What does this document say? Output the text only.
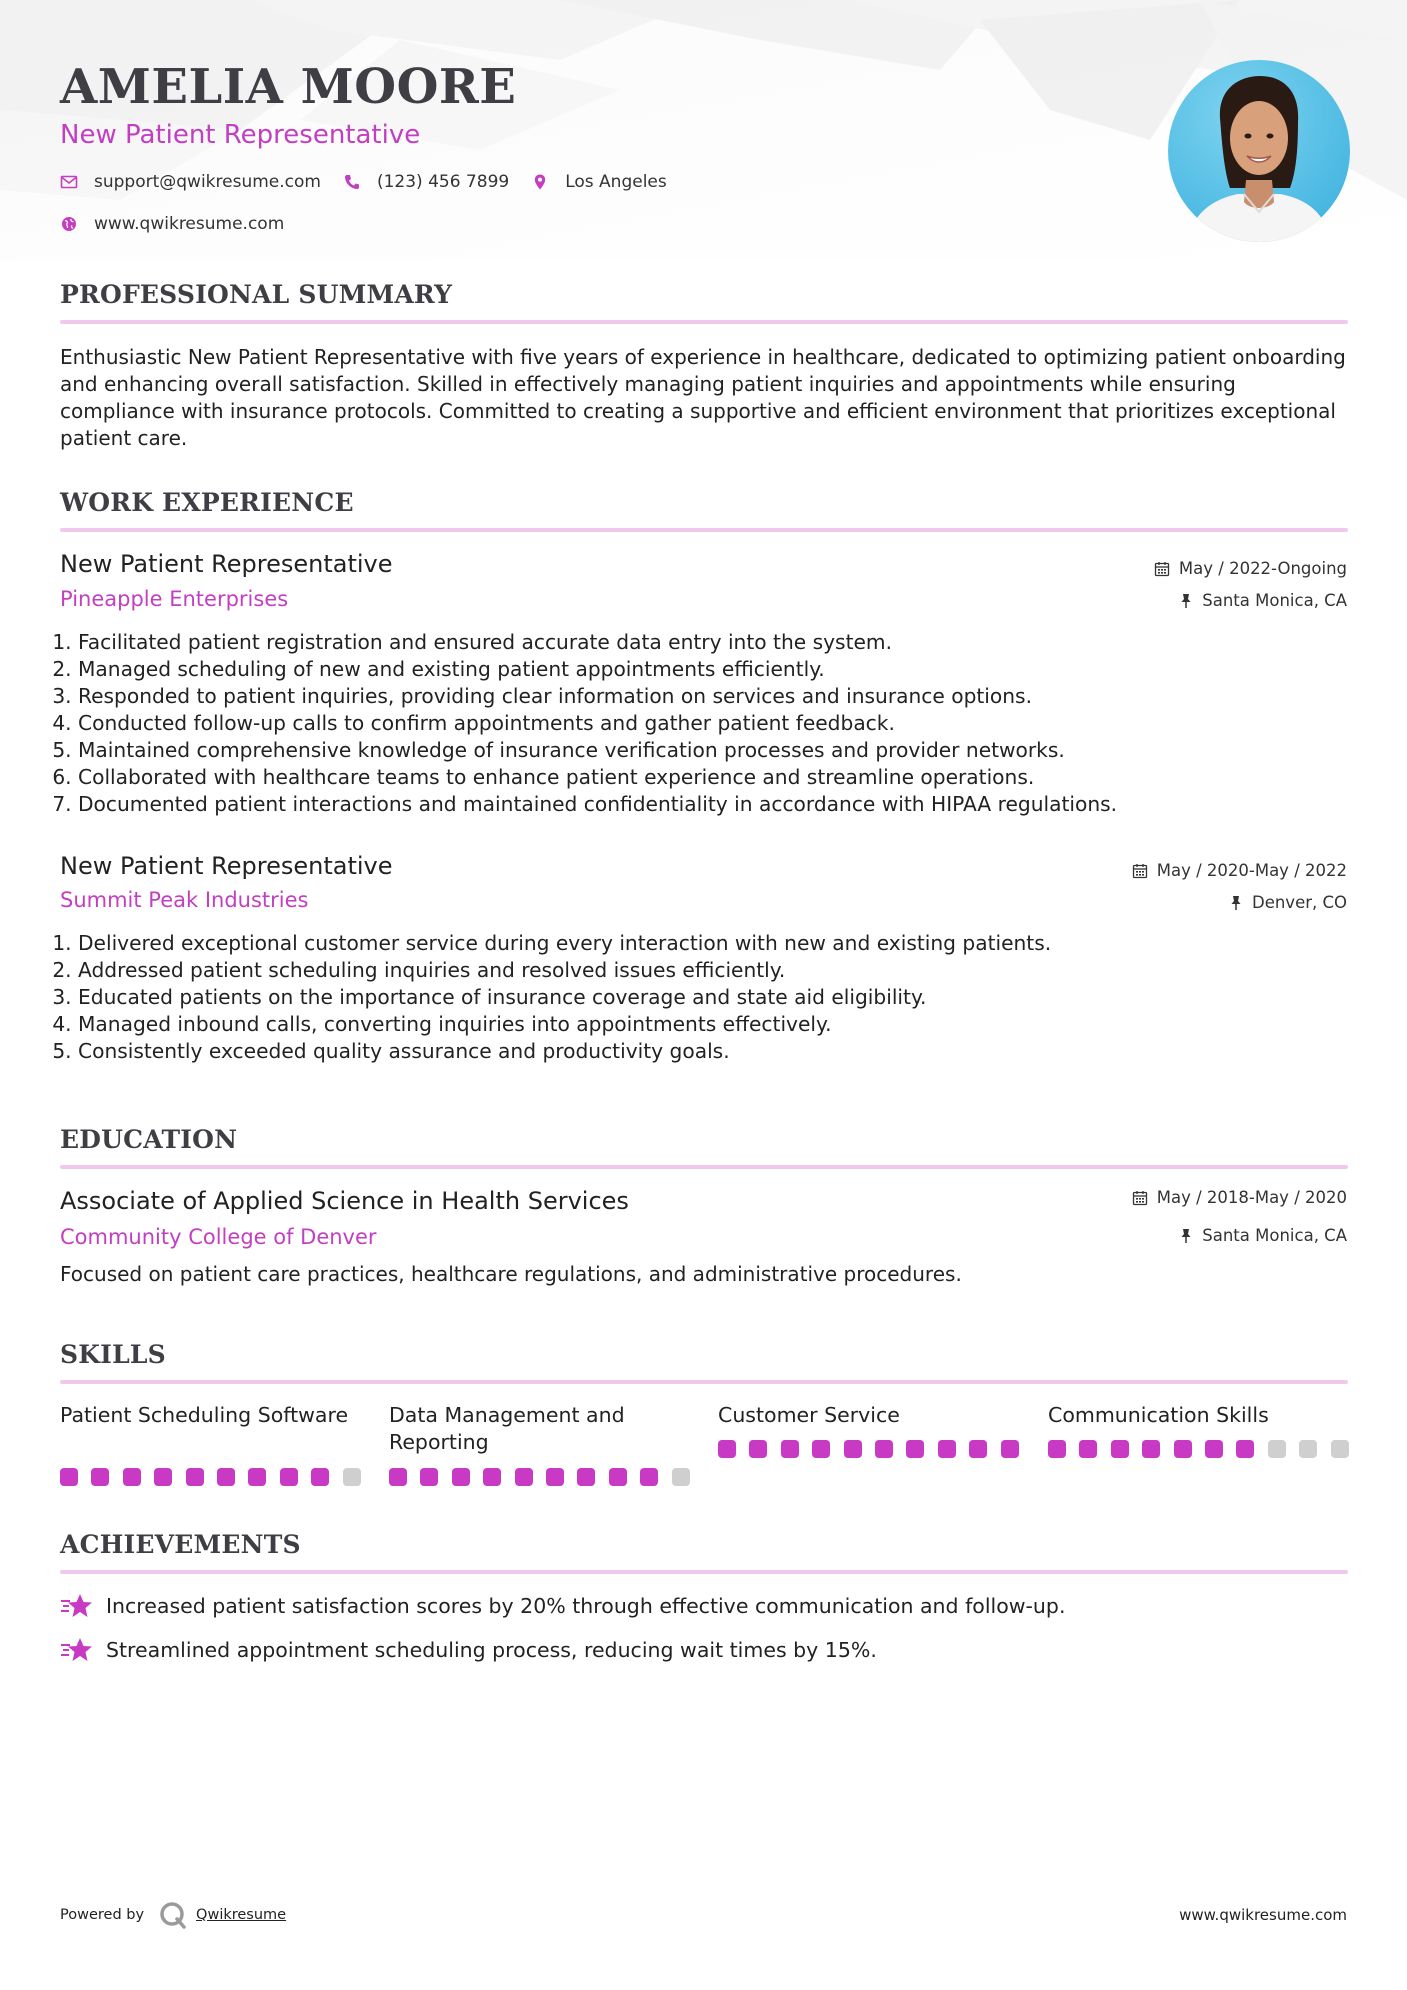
AMELIA MOORE
New Patient Representative
support@qwikresume.com	(123) 456 7899	Los Angeles
www.qwikresume.com
PROFESSIONAL SUMMARY

Enthusiastic New Patient Representative with five years of experience in healthcare, dedicated to optimizing patient onboarding and enhancing overall satisfaction. Skilled in effectively managing patient inquiries and appointments while ensuring compliance with insurance protocols. Committed to creating a supportive and efficient environment that prioritizes exceptional patient care.

WORK EXPERIENCE
New Patient Representative
Pineapple Enterprises
May / 2022-Ongoing
Santa Monica, CA
1. Facilitated patient registration and ensured accurate data entry into the system.
2. Managed scheduling of new and existing patient appointments efficiently.
3. Responded to patient inquiries, providing clear information on services and insurance options.
4. Conducted follow-up calls to confirm appointments and gather patient feedback.
5. Maintained comprehensive knowledge of insurance verification processes and provider networks.
6. Collaborated with healthcare teams to enhance patient experience and streamline operations.
7. Documented patient interactions and maintained confidentiality in accordance with HIPAA regulations.
New Patient Representative
Summit Peak Industries
May / 2020-May / 2022
Denver, CO
1. Delivered exceptional customer service during every interaction with new and existing patients.
2. Addressed patient scheduling inquiries and resolved issues efficiently.
3. Educated patients on the importance of insurance coverage and state aid eligibility.
4. Managed inbound calls, converting inquiries into appointments effectively.
5. Consistently exceeded quality assurance and productivity goals.
EDUCATION
Associate of Applied Science in Health Services
Community College of Denver
May / 2018-May / 2020
Santa Monica, CA

Focused on patient care practices, healthcare regulations, and administrative procedures.

SKILLS
Patient Scheduling Software	Data Management and Reporting
Customer Service	Communication Skills
ACHIEVEMENTS
Increased patient satisfaction scores by 20% through effective communication and follow-up.
Streamlined appointment scheduling process, reducing wait times by 15%.
Powered by	Qwikresume	www.qwikresume.com
